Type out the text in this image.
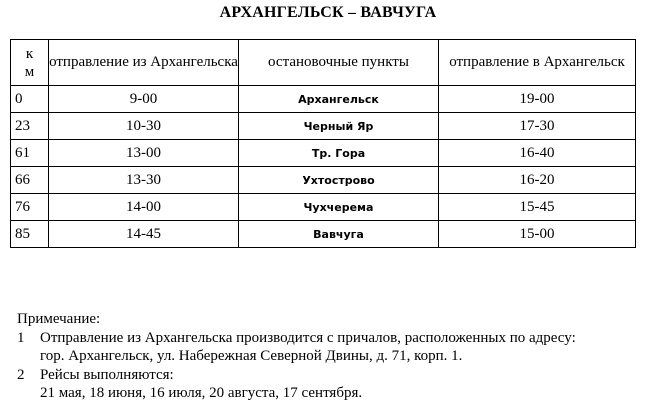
АРХАНГЕЛЬСК – ВАВЧУГА
к
м	отправление из Архангельска	остановочные пункты	отправление в Архангельск
0	9-00	Архангельск	19-00
23	10-30	Черный Яр	17-30
61	13-00	Тр. Гора	16-40
66	13-30	Ухтострово	16-20
76	14-00	Чухчерема	15-45
85	14-45	Вавчуга	15-00
Примечание:
1	Отправление из Архангельска производится с причалов, расположенных по адресу:
гор. Архангельск, ул. Набережная Северной Двины, д. 71, корп. 1.
2	Рейсы выполняются:
21 мая, 18 июня, 16 июля, 20 августа, 17 сентября.
